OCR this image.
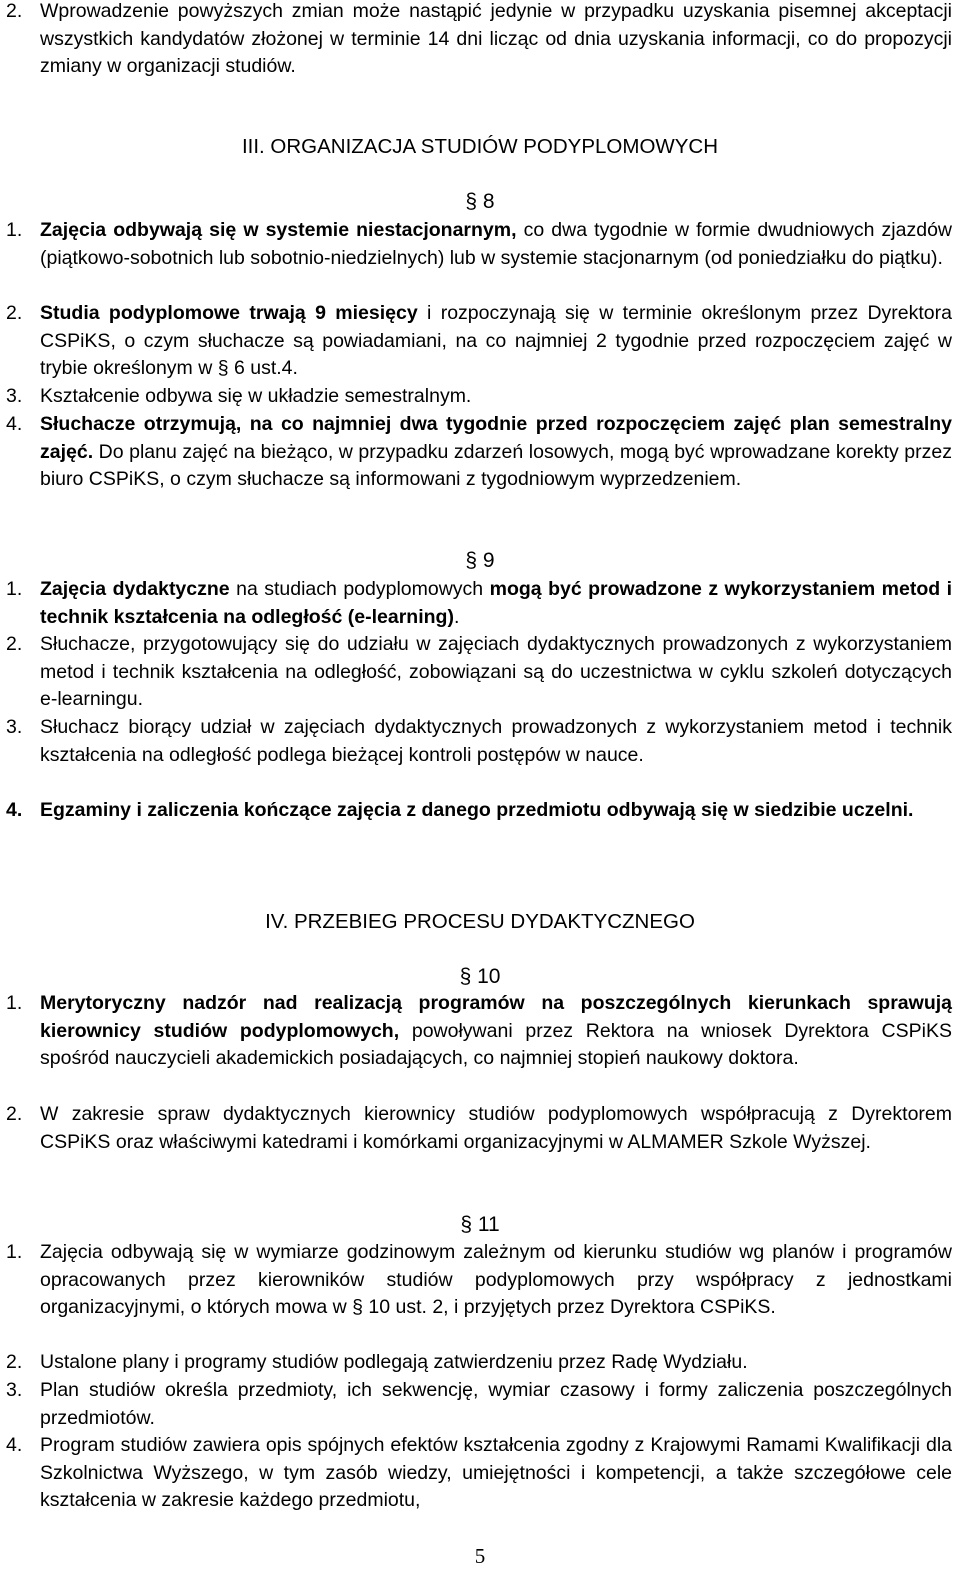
2. Wprowadzenie powyższych zmian może nastąpić jedynie w przypadku uzyskania pisemnej akceptacji wszystkich kandydatów złożonej w terminie 14 dni licząc od dnia uzyskania informacji, co do propozycji zmiany w organizacji studiów.
III. ORGANIZACJA STUDIÓW PODYPLOMOWYCH
§ 8
1. Zajęcia odbywają się w systemie niestacjonarnym, co dwa tygodnie w formie dwudniowych zjazdów (piątkowo-sobotnich lub sobotnio-niedzielnych) lub w systemie stacjonarnym (od poniedziałku do piątku).
2. Studia podyplomowe trwają 9 miesięcy i rozpoczynają się w terminie określonym przez Dyrektora CSPiKS, o czym słuchacze są powiadamiani, na co najmniej 2 tygodnie przed rozpoczęciem zajęć w trybie określonym w § 6 ust.4.
3. Kształcenie odbywa się w układzie semestralnym.
4. Słuchacze otrzymują, na co najmniej dwa tygodnie przed rozpoczęciem zajęć plan semestralny zajęć. Do planu zajęć na bieżąco, w przypadku zdarzeń losowych, mogą być wprowadzane korekty przez biuro CSPiKS, o czym słuchacze są informowani z tygodniowym wyprzedzeniem.
§ 9
1. Zajęcia dydaktyczne na studiach podyplomowych mogą być prowadzone z wykorzystaniem metod i technik kształcenia na odległość (e-learning).
2. Słuchacze, przygotowujący się do udziału w zajęciach dydaktycznych prowadzonych z wykorzystaniem metod i technik kształcenia na odległość, zobowiązani są do uczestnictwa w cyklu szkoleń dotyczących e-learningu.
3. Słuchacz biorący udział w zajęciach dydaktycznych prowadzonych z wykorzystaniem metod i technik kształcenia na odległość podlega bieżącej kontroli postępów w nauce.
4. Egzaminy i zaliczenia kończące zajęcia z danego przedmiotu odbywają się w siedzibie uczelni.
IV. PRZEBIEG PROCESU DYDAKTYCZNEGO
§ 10
1. Merytoryczny nadzór nad realizacją programów na poszczególnych kierunkach sprawują kierownicy studiów podyplomowych, powoływani przez Rektora na wniosek Dyrektora CSPiKS spośród nauczycieli akademickich posiadających, co najmniej stopień naukowy doktora.
2. W zakresie spraw dydaktycznych kierownicy studiów podyplomowych współpracują z Dyrektorem CSPiKS oraz właściwymi katedrami i komórkami organizacyjnymi w ALMAMER Szkole Wyższej.
§ 11
1. Zajęcia odbywają się w wymiarze godzinowym zależnym od kierunku studiów wg planów i programów opracowanych przez kierowników studiów podyplomowych przy współpracy z jednostkami organizacyjnymi, o których mowa w § 10 ust. 2, i przyjętych przez Dyrektora CSPiKS.
2. Ustalone plany i programy studiów podlegają zatwierdzeniu przez Radę Wydziału.
3. Plan studiów określa przedmioty, ich sekwencję, wymiar czasowy i formy zaliczenia poszczególnych przedmiotów.
4. Program studiów zawiera opis spójnych efektów kształcenia zgodny z Krajowymi Ramami Kwalifikacji dla Szkolnictwa Wyższego, w tym zasób wiedzy, umiejętności i kompetencji, a także szczegółowe cele kształcenia w zakresie każdego przedmiotu,
5
